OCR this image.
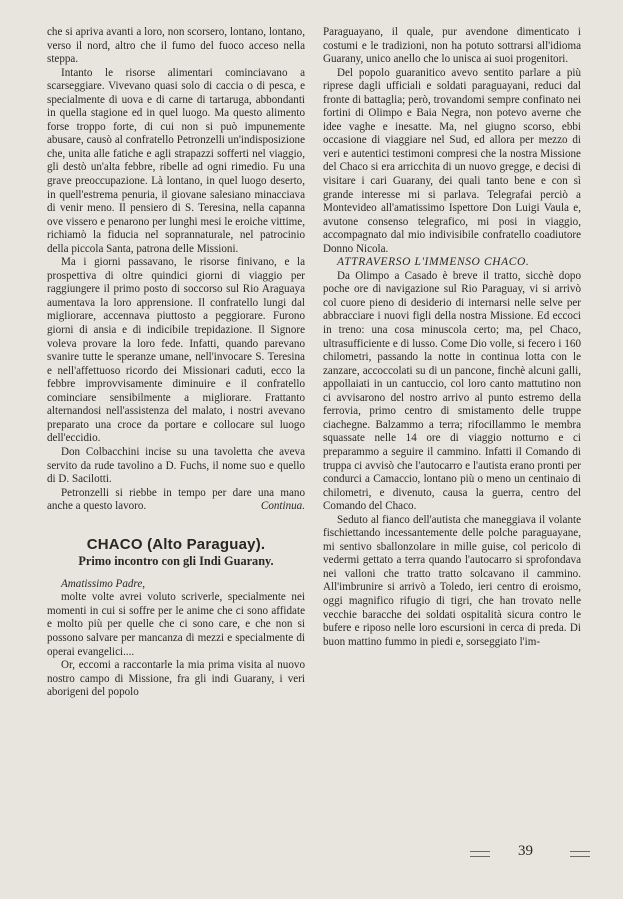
che si apriva avanti a loro, non scorsero, lontano, lontano, verso il nord, altro che il fumo del fuoco acceso nella steppa.

Intanto le risorse alimentari cominciavano a scarseggiare. Vivevano quasi solo di caccia o di pesca, e specialmente di uova e di carne di tartaruga, abbondanti in quella stagione ed in quel luogo. Ma questo alimento forse troppo forte, di cui non si può impunemente abusare, causò al confratello Petronzelli un'indisposizione che, unita alle fatiche e agli strapazzi sofferti nel viaggio, gli destò un'alta febbre, ribelle ad ogni rimedio. Fu una grave preoccupazione. Là lontano, in quel luogo deserto, in quell'estrema penuria, il giovane salesiano minacciava di venir meno. Il pensiero di S. Teresina, nella capanna ove vissero e penarono per lunghi mesi le eroiche vittime, richiamò la fiducia nel soprannaturale, nel patrocinio della piccola Santa, patrona delle Missioni.

Ma i giorni passavano, le risorse finivano, e la prospettiva di oltre quindici giorni di viaggio per raggiungere il primo posto di soccorso sul Rio Araguaya aumentava la loro apprensione. Il confratello lungi dal migliorare, accennava piuttosto a peggiorare. Furono giorni di ansia e di indicibile trepidazione. Il Signore voleva provare la loro fede. Infatti, quando parevano svanire tutte le speranze umane, nell'invocare S. Teresina e nell'affettuoso ricordo dei Missionari caduti, ecco la febbre improvvisamente diminuire e il confratello cominciare sensibilmente a migliorare. Frattanto alternandosi nell'assistenza del malato, i nostri avevano preparato una croce da portare e collocare sul luogo dell'eccidio.

Don Colbacchini incise su una tavoletta che aveva servito da rude tavolino a D. Fuchs, il nome suo e quello di D. Sacilotti.

Petronzelli si riebbe in tempo per dare una mano anche a questo lavoro.	Continua.

CHACO (Alto Paraguay).
Primo incontro con gli Indi Guarany.

Amatissimo Padre,

molte volte avrei voluto scriverle, specialmente nei momenti in cui si soffre per le anime che ci sono affidate e molto più per quelle che ci sono care, e che non si possono salvare per mancanza di mezzi e specialmente di operai evangelici....

Or, eccomi a raccontarle la mia prima visita al nuovo nostro campo di Missione, fra gli indi Guarany, i veri aborigeni del popolo

Paraguayano, il quale, pur avendone dimenticato i costumi e le tradizioni, non ha potuto sottrarsi all'idioma Guarany, unico anello che lo unisca ai suoi progenitori.

Del popolo guaranitico avevo sentito parlare a più riprese dagli ufficiali e soldati paraguayani, reduci dal fronte di battaglia; però, trovandomi sempre confinato nei fortini di Olimpo e Baia Negra, non potevo averne che idee vaghe e inesatte. Ma, nel giugno scorso, ebbi occasione di viaggiare nel Sud, ed allora per mezzo di veri e autentici testimoni compresi che la nostra Missione del Chaco si era arricchita di un nuovo gregge, e decisi di visitare i cari Guarany, dei quali tanto bene e con sì grande interesse mi si parlava. Telegrafai perciò a Montevideo all'amatissimo Ispettore Don Luigi Vaula e, avutone consenso telegrafico, mi posi in viaggio, accompagnato dal mio indivisibile confratello coadiutore Donno Nicola.

ATTRAVERSO L'IMMENSO CHACO.

Da Olimpo a Casado è breve il tratto, sicchè dopo poche ore di navigazione sul Rio Paraguay, vi si arrivò col cuore pieno di desiderio di internarsi nelle selve per abbracciare i nuovi figli della nostra Missione. Ed eccoci in treno: una cosa minuscola certo; ma, pel Chaco, ultrasufficiente e di lusso. Come Dio volle, si fecero i 160 chilometri, passando la notte in continua lotta con le zanzare, accoccolati su di un pancone, finchè alcuni galli, appollaiati in un cantuccio, col loro canto mattutino non ci avvisarono del nostro arrivo al punto estremo della ferrovia, primo centro di smistamento delle truppe ciachegne. Balzammo a terra; rifocillammo le membra squassate nelle 14 ore di viaggio notturno e ci preparammo a seguire il cammino. Infatti il Comando di truppa ci avvisò che l'autocarro e l'autista erano pronti per condurci a Camaccio, lontano più o meno un centinaio di chilometri, e divenuto, causa la guerra, centro del Comando del Chaco.

Seduto al fianco dell'autista che maneggiava il volante fischiettando incessantemente delle polche paraguayane, mi sentivo sballonzolare in mille guise, col pericolo di vedermi gettato a terra quando l'autocarro si sprofondava nei valloni che tratto tratto solcavano il cammino. All'imbrunire si arrivò a Toledo, ieri centro di eroismo, oggi magnifico rifugio di tigri, che han trovato nelle vecchie baracche dei soldati ospitalità sicura contro le bufere e riposo nelle loro escursioni in cerca di preda. Di buon mattino fummo in piedi e, sorseggiato l'im-

39
